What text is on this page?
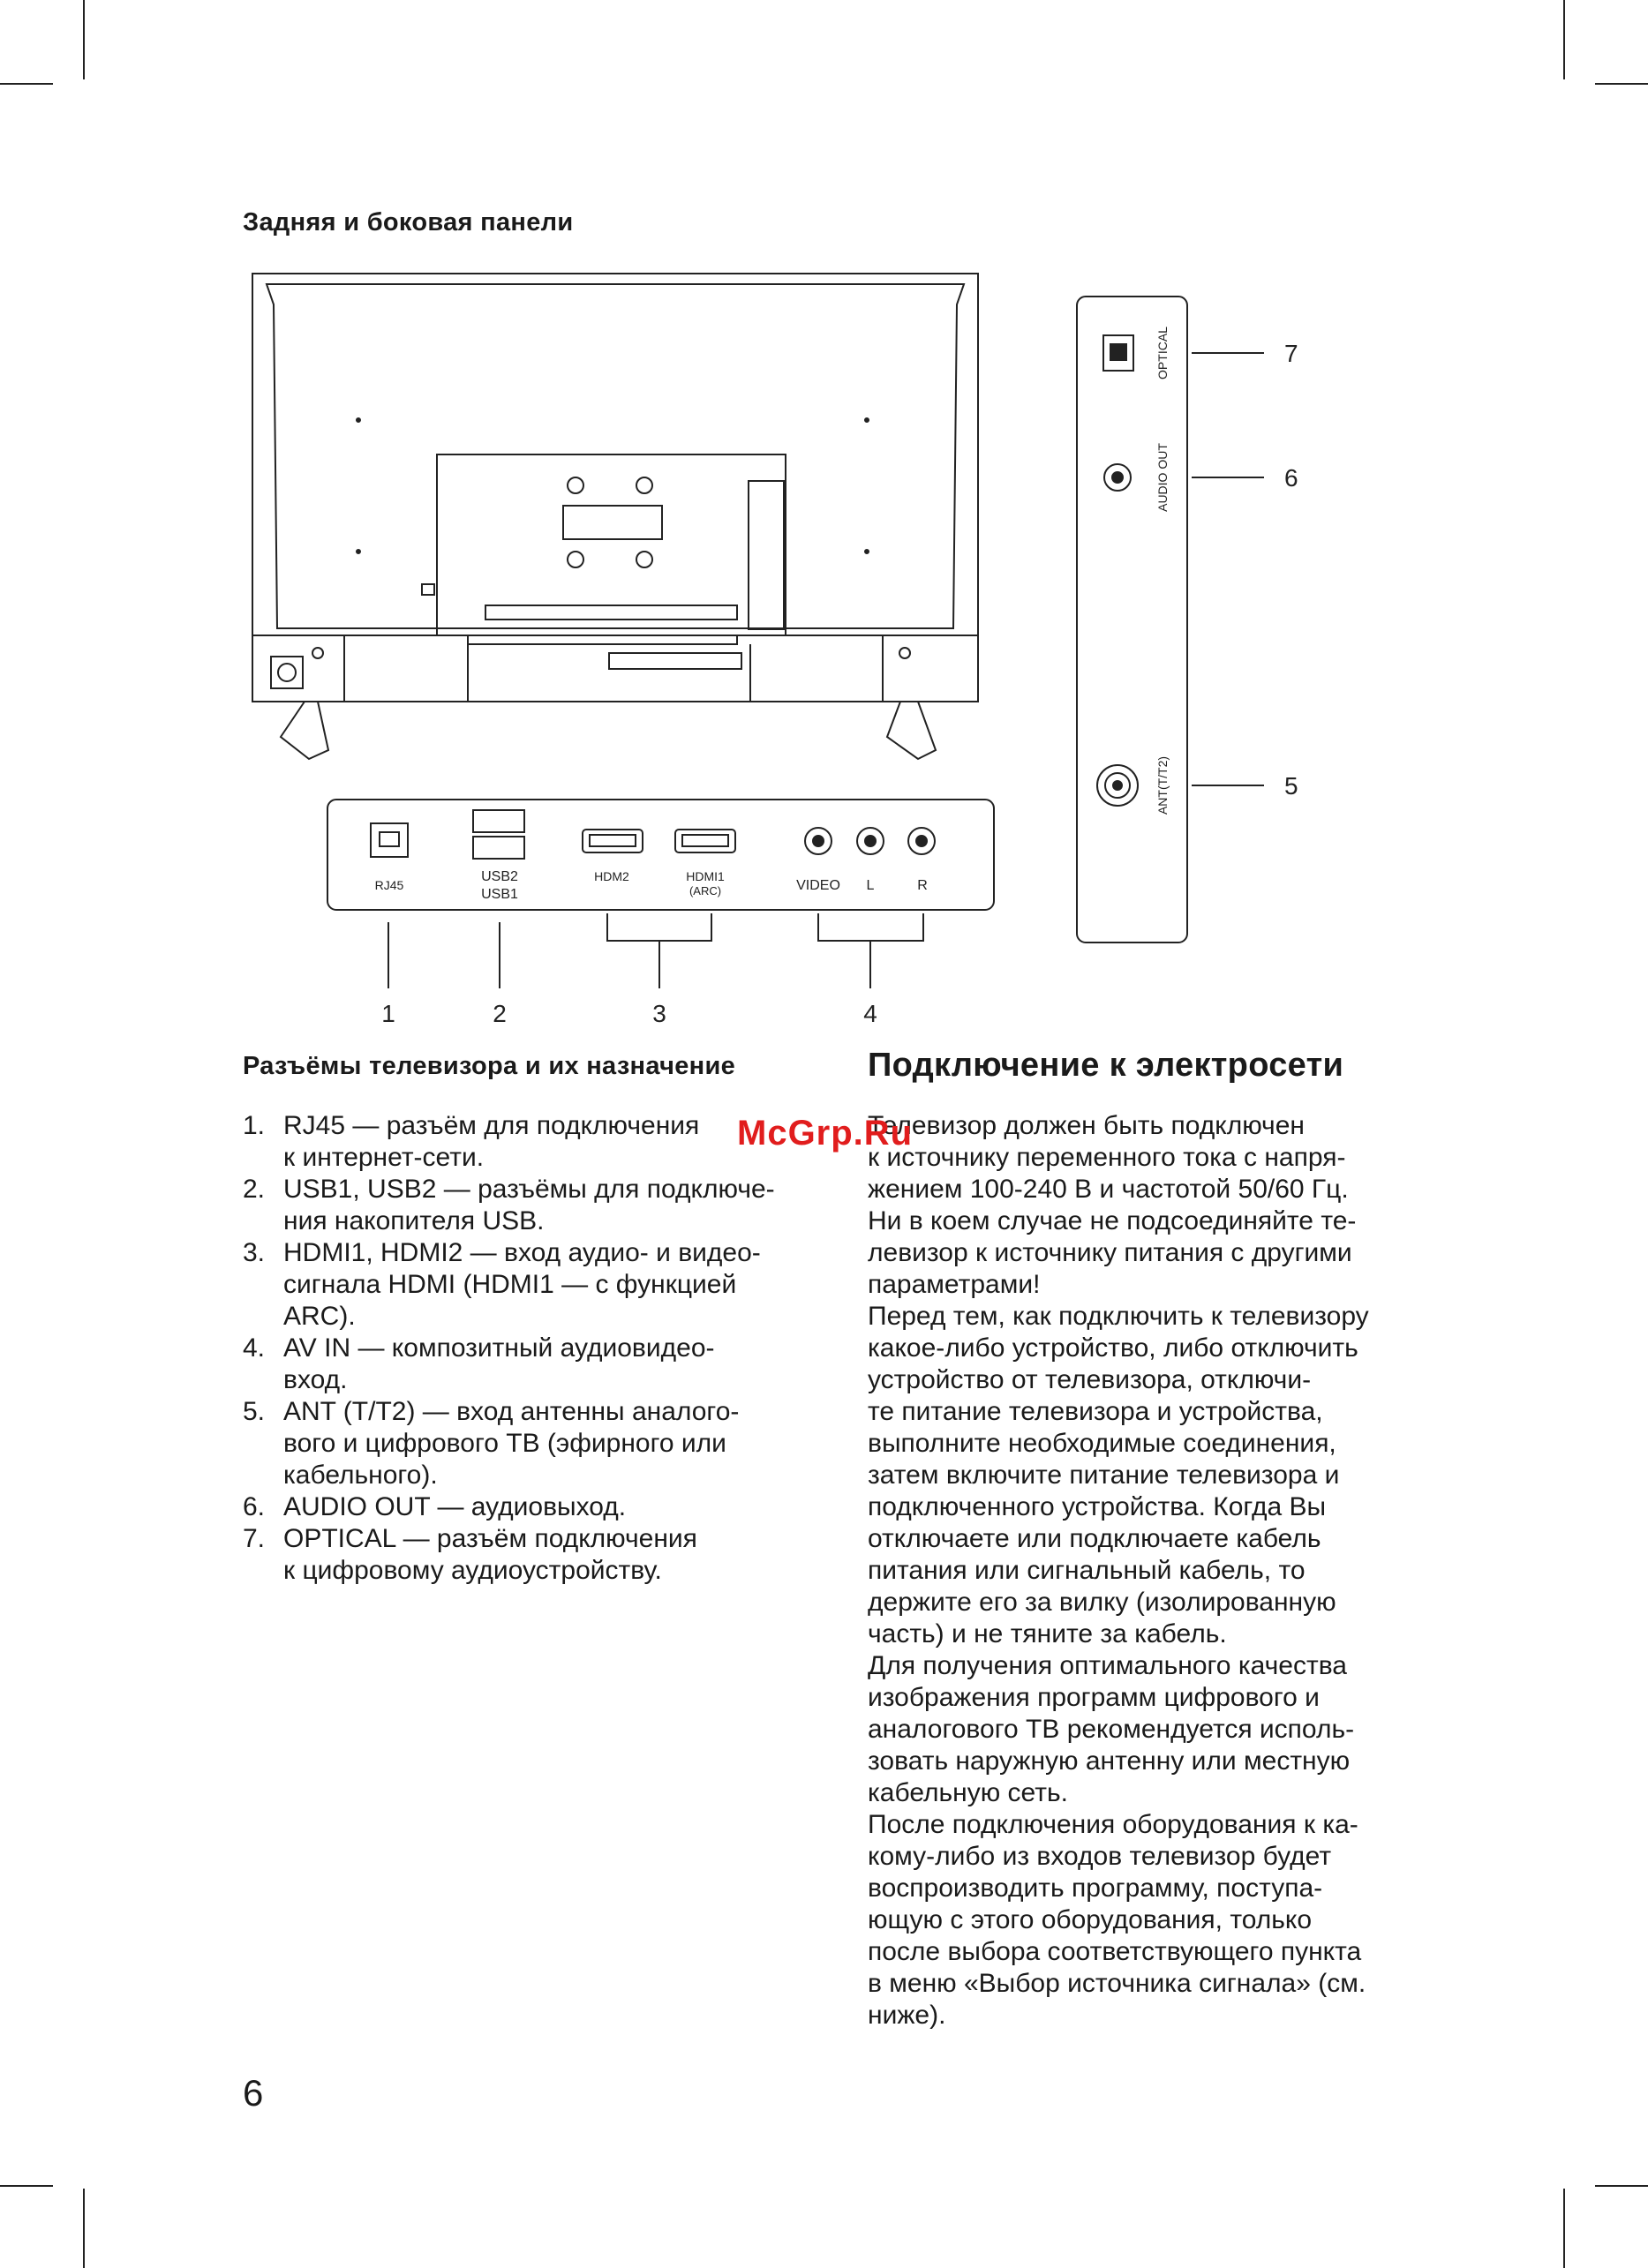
Задняя и боковая панели
RJ45
USB2
USB1
HDM2	HDMI1
(ARC)	VIDEO L	R
OPTICAL
AUDIO OUT
ANT(T/T2)
1	2	3	4
7
6
5
Разъёмы телевизора и их назначение	Подключение к электросети
1. RJ45 — разъём для подключения
к интернет-сети.
2. USB1, USB2 — разъёмы для подключе-
ния накопителя USB.
3. HDMI1, HDMI2 — вход аудио- и видео-
сигнала HDMI (HDMI1 — с функцией
ARC).
4. AV IN — композитный аудиовидео-
вход.
5. ANT (T/T2) — вход антенны аналого-
вого и цифрового ТВ (эфирного или
кабельного).
6. AUDIO OUT — аудиовыход.
7. OPTICAL — разъём подключения
к цифровому аудиоустройству.

Телевизор должен быть подключен

к источнику переменного тока с напря-

жением 100-240 В и частотой 50/60 Гц.

Ни в коем случае не подсоединяйте те-

левизор к источнику питания с другими

параметрами!

Перед тем, как подключить к телевизору

какое-либо устройство, либо отключить

устройство от телевизора, отключи-

те питание телевизора и устройства,

выполните необходимые соединения,

затем включите питание телевизора и

подключенного устройства. Когда Вы

отключаете или подключаете кабель

питания или сигнальный кабель, то

держите его за вилку (изолированную

часть) и не тяните за кабель.

Для получения оптимального качества

изображения программ цифрового и

аналогового ТВ рекомендуется исполь-

зовать наружную антенну или местную

кабельную сеть.

После подключения оборудования к ка-

кому-либо из входов телевизор будет

воспроизводить программу, поступа-

ющую с этого оборудования, только

после выбора соответствующего пункта

в меню «Выбор источника сигнала» (см.

ниже).

McGrp.Ru
6
